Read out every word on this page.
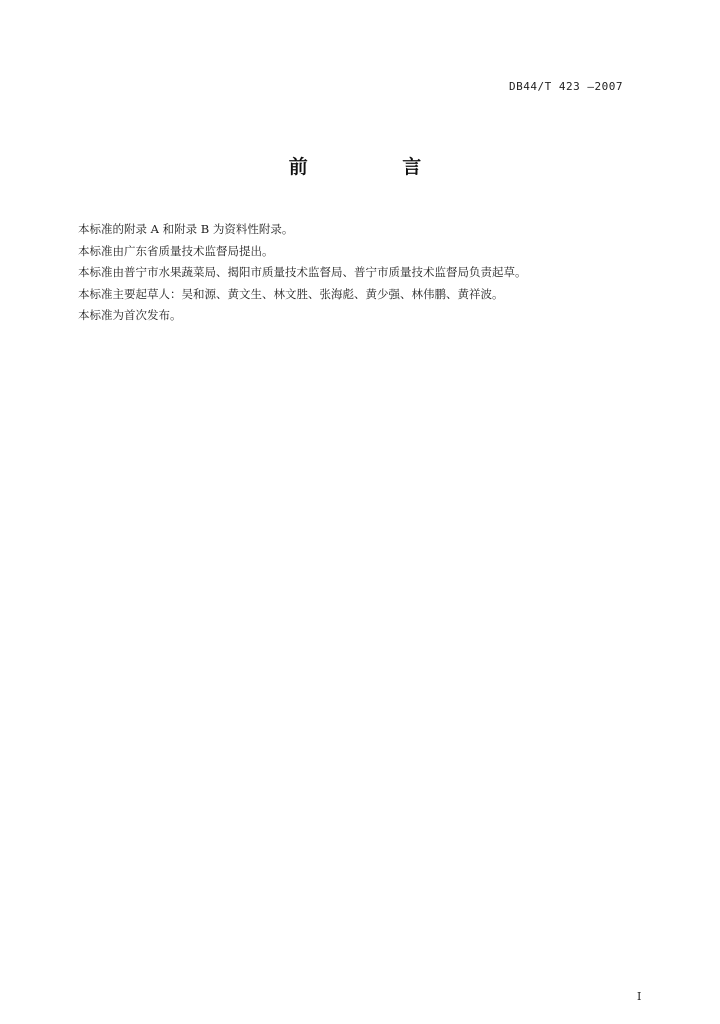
DB44/T 423 —2007
前 言
本标准的附录 A 和附录 B 为资料性附录。
本标准由广东省质量技术监督局提出。
本标准由普宁市水果蔬菜局、揭阳市质量技术监督局、普宁市质量技术监督局负责起草。
本标准主要起草人：吴和源、黄文生、林文胜、张海彪、黄少强、林伟鹏、黄祥波。
本标准为首次发布。
I
